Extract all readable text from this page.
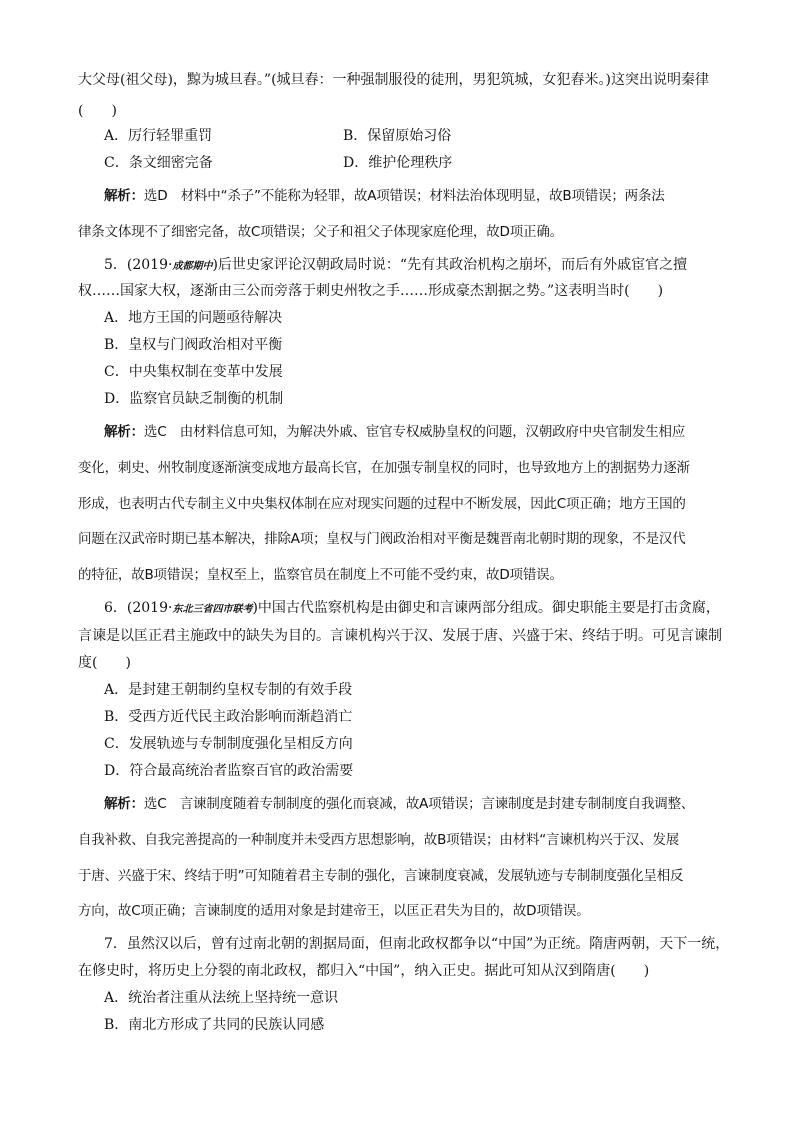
大父母(祖父母)，黥为城旦舂。”(城旦舂：一种强制服役的徒刑，男犯筑城，女犯舂米。)这突出说明秦律
(　　)
A．厉行轻罪重罚	B．保留原始习俗
C．条文细密完备	D．维护伦理秩序
解析：选D　材料中“杀子”不能称为轻罪，故A项错误；材料法治体现明显，故B项错误；两条法
律条文体现不了细密完备，故C项错误；父子和祖父子体现家庭伦理，故D项正确。
5．(2019·成都期中)后世史家评论汉朝政局时说：“先有其政治机构之崩坏，而后有外戚宦官之擅
权……国家大权，逐渐由三公而旁落于刺史州牧之手……形成豪杰割据之势。”这表明当时(　　)
A．地方王国的问题亟待解决
B．皇权与门阀政治相对平衡
C．中央集权制在变革中发展
D．监察官员缺乏制衡的机制
解析：选C　由材料信息可知，为解决外戚、宦官专权威胁皇权的问题，汉朝政府中央官制发生相应
变化，刺史、州牧制度逐渐演变成地方最高长官，在加强专制皇权的同时，也导致地方上的割据势力逐渐
形成，也表明古代专制主义中央集权体制在应对现实问题的过程中不断发展，因此C项正确；地方王国的
问题在汉武帝时期已基本解决，排除A项；皇权与门阀政治相对平衡是魏晋南北朝时期的现象，不是汉代
的特征，故B项错误；皇权至上，监察官员在制度上不可能不受约束，故D项错误。
6．(2019·东北三省四市联考)中国古代监察机构是由御史和言谏两部分组成。御史职能主要是打击贪腐，
言谏是以匡正君主施政中的缺失为目的。言谏机构兴于汉、发展于唐、兴盛于宋、终结于明。可见言谏制
度(　　)
A．是封建王朝制约皇权专制的有效手段
B．受西方近代民主政治影响而渐趋消亡
C．发展轨迹与专制制度强化呈相反方向
D．符合最高统治者监察百官的政治需要
解析：选C　言谏制度随着专制制度的强化而衰减，故A项错误；言谏制度是封建专制制度自我调整、
自我补救、自我完善提高的一种制度并未受西方思想影响，故B项错误；由材料“言谏机构兴于汉、发展
于唐、兴盛于宋、终结于明”可知随着君主专制的强化，言谏制度衰减，发展轨迹与专制制度强化呈相反
方向，故C项正确；言谏制度的适用对象是封建帝王，以匡正君失为目的，故D项错误。
7．虽然汉以后，曾有过南北朝的割据局面，但南北政权都争以“中国”为正统。隋唐两朝，天下一统，
在修史时，将历史上分裂的南北政权，都归入“中国”，纳入正史。据此可知从汉到隋唐(　　)
A．统治者注重从法统上坚持统一意识
B．南北方形成了共同的民族认同感
